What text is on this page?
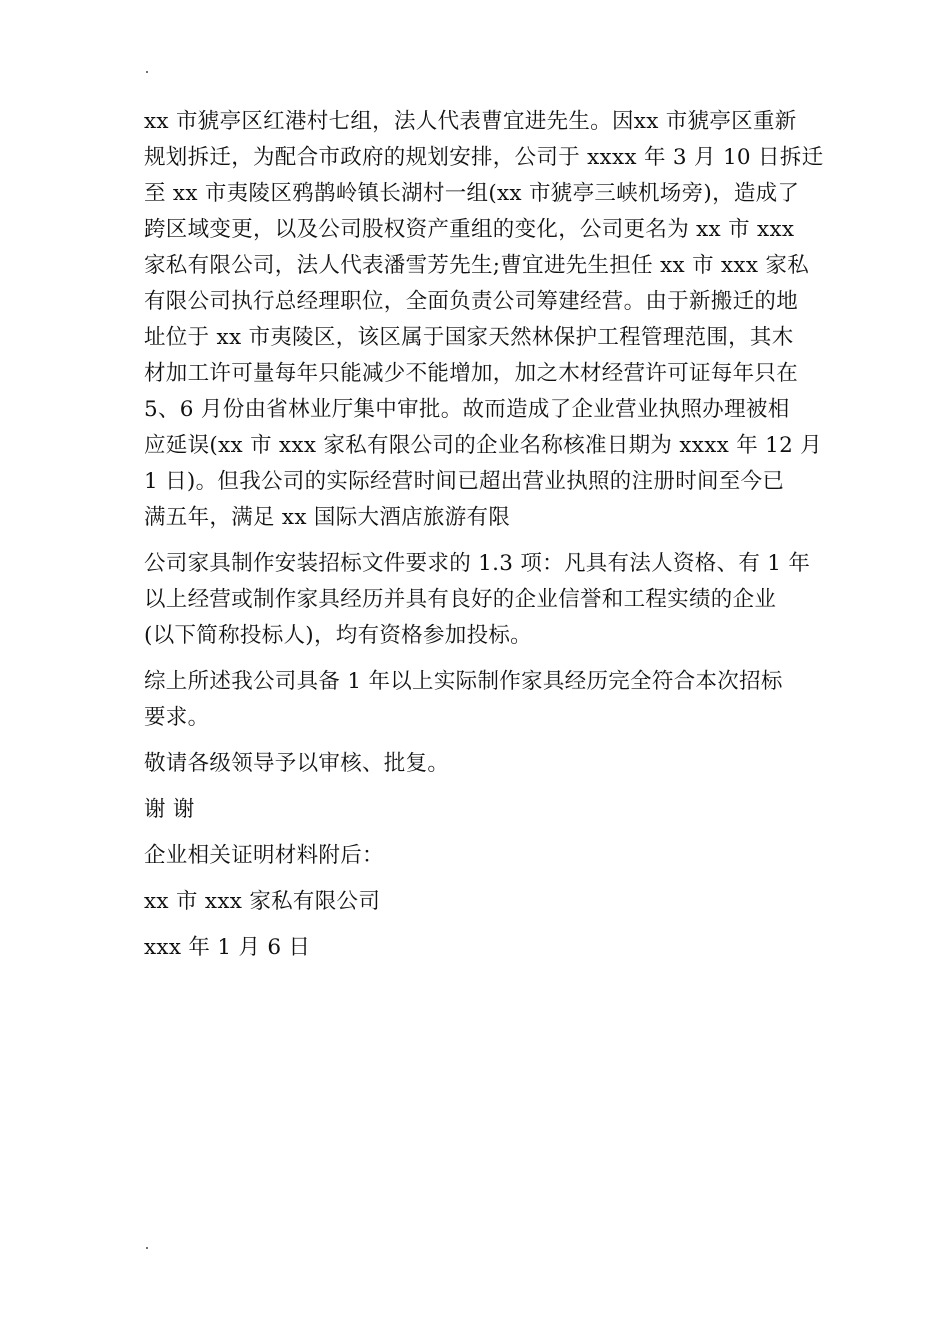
xx 市猇亭区红港村七组，法人代表曹宜进先生。因xx 市猇亭区重新
规划拆迁，为配合市政府的规划安排，公司于 xxxx 年 3 月 10 日拆迁
至 xx 市夷陵区鸦鹊岭镇长湖村一组(xx 市猇亭三峡机场旁)，造成了
跨区域变更，以及公司股权资产重组的变化，公司更名为 xx 市 xxx
家私有限公司，法人代表潘雪芳先生;曹宜进先生担任 xx 市 xxx 家私
有限公司执行总经理职位，全面负责公司筹建经营。由于新搬迁的地
址位于 xx 市夷陵区，该区属于国家天然林保护工程管理范围，其木
材加工许可量每年只能减少不能增加，加之木材经营许可证每年只在
5、6 月份由省林业厅集中审批。故而造成了企业营业执照办理被相
应延误(xx 市 xxx 家私有限公司的企业名称核准日期为 xxxx 年 12 月
1 日)。但我公司的实际经营时间已超出营业执照的注册时间至今已
满五年，满足 xx 国际大酒店旅游有限
公司家具制作安装招标文件要求的 1.3 项：凡具有法人资格、有 1 年
以上经营或制作家具经历并具有良好的企业信誉和工程实绩的企业
(以下简称投标人)，均有资格参加投标。
综上所述我公司具备 1 年以上实际制作家具经历完全符合本次招标
要求。
敬请各级领导予以审核、批复。
谢 谢
企业相关证明材料附后：
xx 市 xxx 家私有限公司
xxx 年 1 月 6 日
